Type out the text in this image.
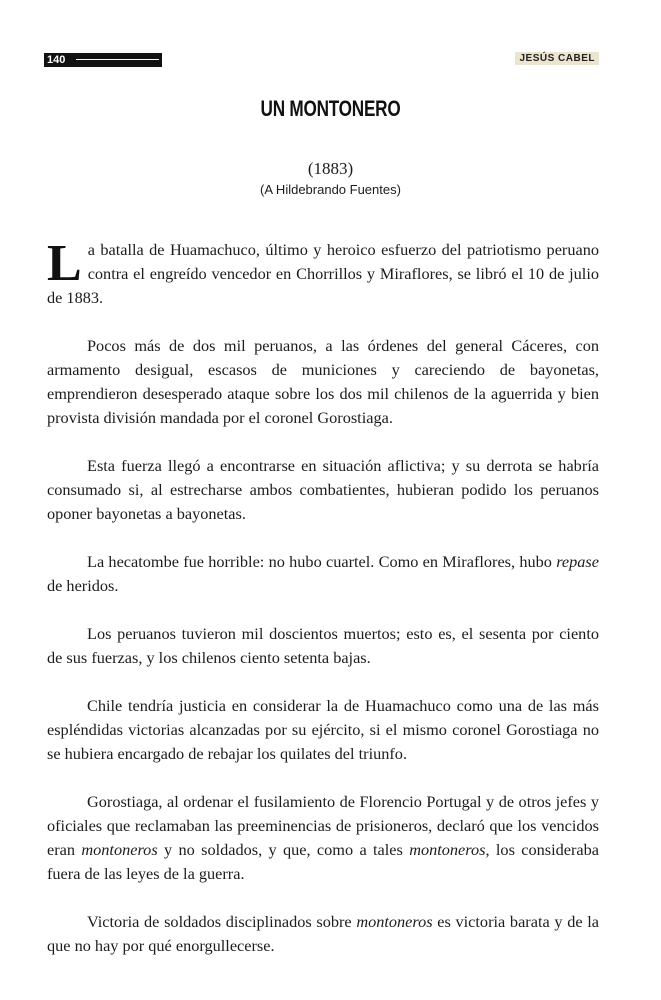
140	JESÚS CABEL
UN MONTONERO
(1883)
(A Hildebrando Fuentes)

La batalla de Huamachuco, último y heroico esfuerzo del patriotismo peruano contra el engreído vencedor en Chorrillos y Miraflores, se libró el 10 de julio de 1883.

Pocos más de dos mil peruanos, a las órdenes del general Cáceres, con armamento desigual, escasos de municiones y careciendo de bayonetas, emprendieron desesperado ataque sobre los dos mil chilenos de la aguerrida y bien provista división mandada por el coronel Gorostiaga.

Esta fuerza llegó a encontrarse en situación aflictiva; y su derrota se habría consumado si, al estrecharse ambos combatientes, hubieran podido los peruanos oponer bayonetas a bayonetas.

La hecatombe fue horrible: no hubo cuartel. Como en Miraflores, hubo repase de heridos.

Los peruanos tuvieron mil doscientos muertos; esto es, el sesenta por ciento de sus fuerzas, y los chilenos ciento setenta bajas.

Chile tendría justicia en considerar la de Huamachuco como una de las más espléndidas victorias alcanzadas por su ejército, si el mismo coronel Gorostiaga no se hubiera encargado de rebajar los quilates del triunfo.

Gorostiaga, al ordenar el fusilamiento de Florencio Portugal y de otros jefes y oficiales que reclamaban las preeminencias de prisioneros, declaró que los vencidos eran montoneros y no soldados, y que, como a tales montoneros, los consideraba fuera de las leyes de la guerra.

Victoria de soldados disciplinados sobre montoneros es victoria barata y de la que no hay por qué enorgullecerse.
